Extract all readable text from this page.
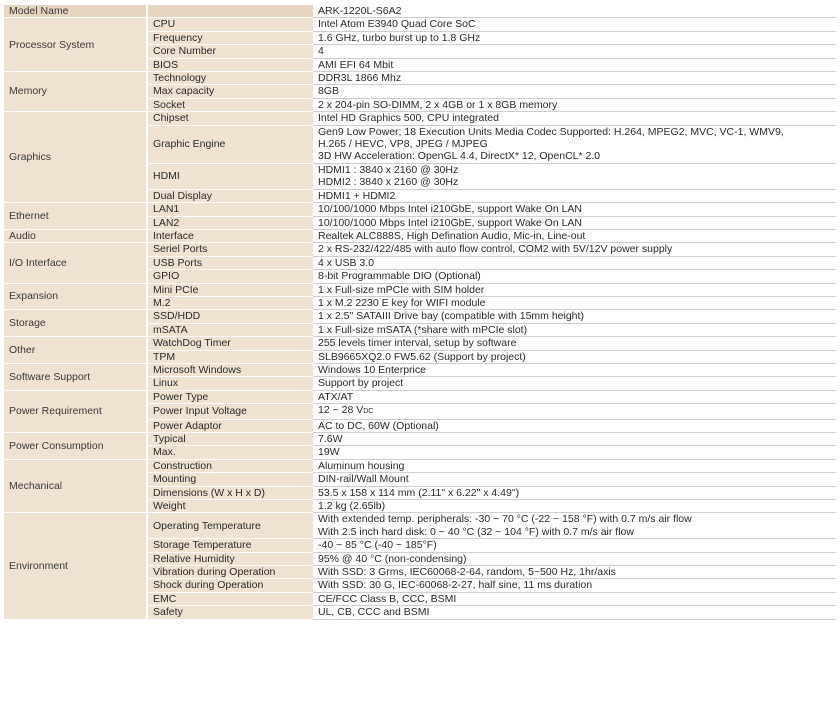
Model Name		ARK-1220L-S6A2
Processor System	CPU	Intel Atom E3940 Quad Core SoC

	Frequency	1.6 GHz, turbo burst up to 1.8 GHz

	Core Number	4

	BIOS	AMI EFI 64 Mbit

Memory	Technology	DDR3L 1866 Mhz

	Max capacity	8GB

	Socket	2 x 204-pin SO-DIMM, 2 x 4GB or 1 x 8GB memory

Graphics	Chipset	Intel HD Graphics 500, CPU integrated

	Graphic Engine	Gen9 Low Power; 18 Execution Units Media Codec Supported: H.264, MPEG2, MVC, VC-1, WMV9,
H.265 / HEVC, VP8, JPEG / MJPEG
3D HW Acceleration: OpenGL 4.4, DirectX* 12, OpenCL* 2.0

	HDMI	HDMI1 : 3840 x 2160 @ 30Hz
HDMI2 : 3840 x 2160 @ 30Hz

	Dual Display	HDMI1 + HDMI2

Ethernet	LAN1	10/100/1000 Mbps Intel i210GbE, support Wake On LAN

	LAN2	10/100/1000 Mbps Intel i210GbE, support Wake On LAN

Audio	Interface	Realtek ALC888S, High Defination Audio, Mic-in, Line-out

I/O Interface	Seriel Ports	2 x RS-232/422/485 with auto flow control, COM2 with 5V/12V power supply

	USB Ports	4 x USB 3.0

	GPIO	8-bit Programmable DIO (Optional)

Expansion	Mini PCIe	1 x Full-size mPCIe with SIM holder

	M.2	1 x M.2 2230 E key for WIFI module

Storage	SSD/HDD	1 x 2.5" SATAIII Drive bay (compatible with 15mm height)

	mSATA	1 x Full-size mSATA (*share with mPCIe slot)

Other	WatchDog Timer	255 levels timer interval, setup by software

	TPM	SLB9665XQ2.0 FW5.62 (Support by project)

Software Support	Microsoft Windows	Windows 10 Enterprice

	Linux	Support by project

Power Requirement	Power Type	ATX/AT

	Power Input Voltage	12 ~ 28 VDC

	Power Adaptor	AC to DC, 60W (Optional)

Power Consumption	Typical	7.6W

	Max.	19W

Mechanical	Construction	Aluminum housing

	Mounting	DIN-rail/Wall Mount

	Dimensions (W x H x D)	53.5 x 158 x 114 mm (2.11" x 6.22" x 4.49")

	Weight	1.2 kg (2.65lb)

Environment	Operating Temperature	With extended temp. peripherals: -30 ~ 70 °C (-22 ~ 158 °F) with 0.7 m/s air flow
With 2.5 inch hard disk: 0 ~ 40 °C (32 ~ 104 °F) with 0.7 m/s air flow

	Storage Temperature	-40 ~ 85 °C (-40 ~ 185°F)

	Relative Humidity	95% @ 40 °C (non-condensing)

	Vibration during Operation	With SSD: 3 Grms, IEC60068-2-64, random, 5~500 Hz, 1hr/axis

	Shock during Operation	With SSD: 30 G, IEC-60068-2-27, half sine, 11 ms duration

	EMC	CE/FCC Class B, CCC, BSMI

	Safety	UL, CB, CCC and BSMI
